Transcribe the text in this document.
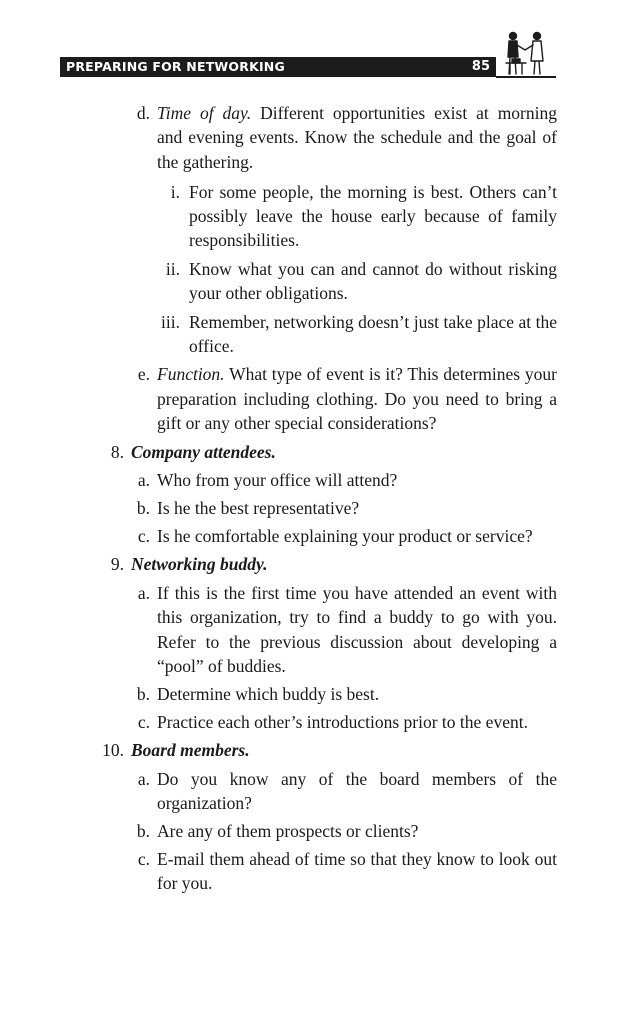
PREPARING FOR NETWORKING	85
d. Time of day. Different opportunities exist at morning
and evening events. Know the schedule and the goal of
the gathering.
i. For some people, the morning is best. Others can’t
possibly leave the house early because of family
responsibilities.
ii. Know what you can and cannot do without risking
your other obligations.
iii. Remember, networking doesn’t just take place at the
office.
e. Function. What type of event is it? This determines your
preparation including clothing. Do you need to bring a
gift or any other special considerations?
8. Company attendees.
a. Who from your office will attend?
b. Is he the best representative?
c. Is he comfortable explaining your product or service?
9. Networking buddy.
a. If this is the first time you have attended an event with
this organization, try to find a buddy to go with you.
Refer to the previous discussion about developing a
“pool” of buddies.
b. Determine which buddy is best.
c. Practice each other’s introductions prior to the event.
10. Board members.
a. Do you know any of the board members of the
organization?
b. Are any of them prospects or clients?
c. E-mail them ahead of time so that they know to look out
for you.
